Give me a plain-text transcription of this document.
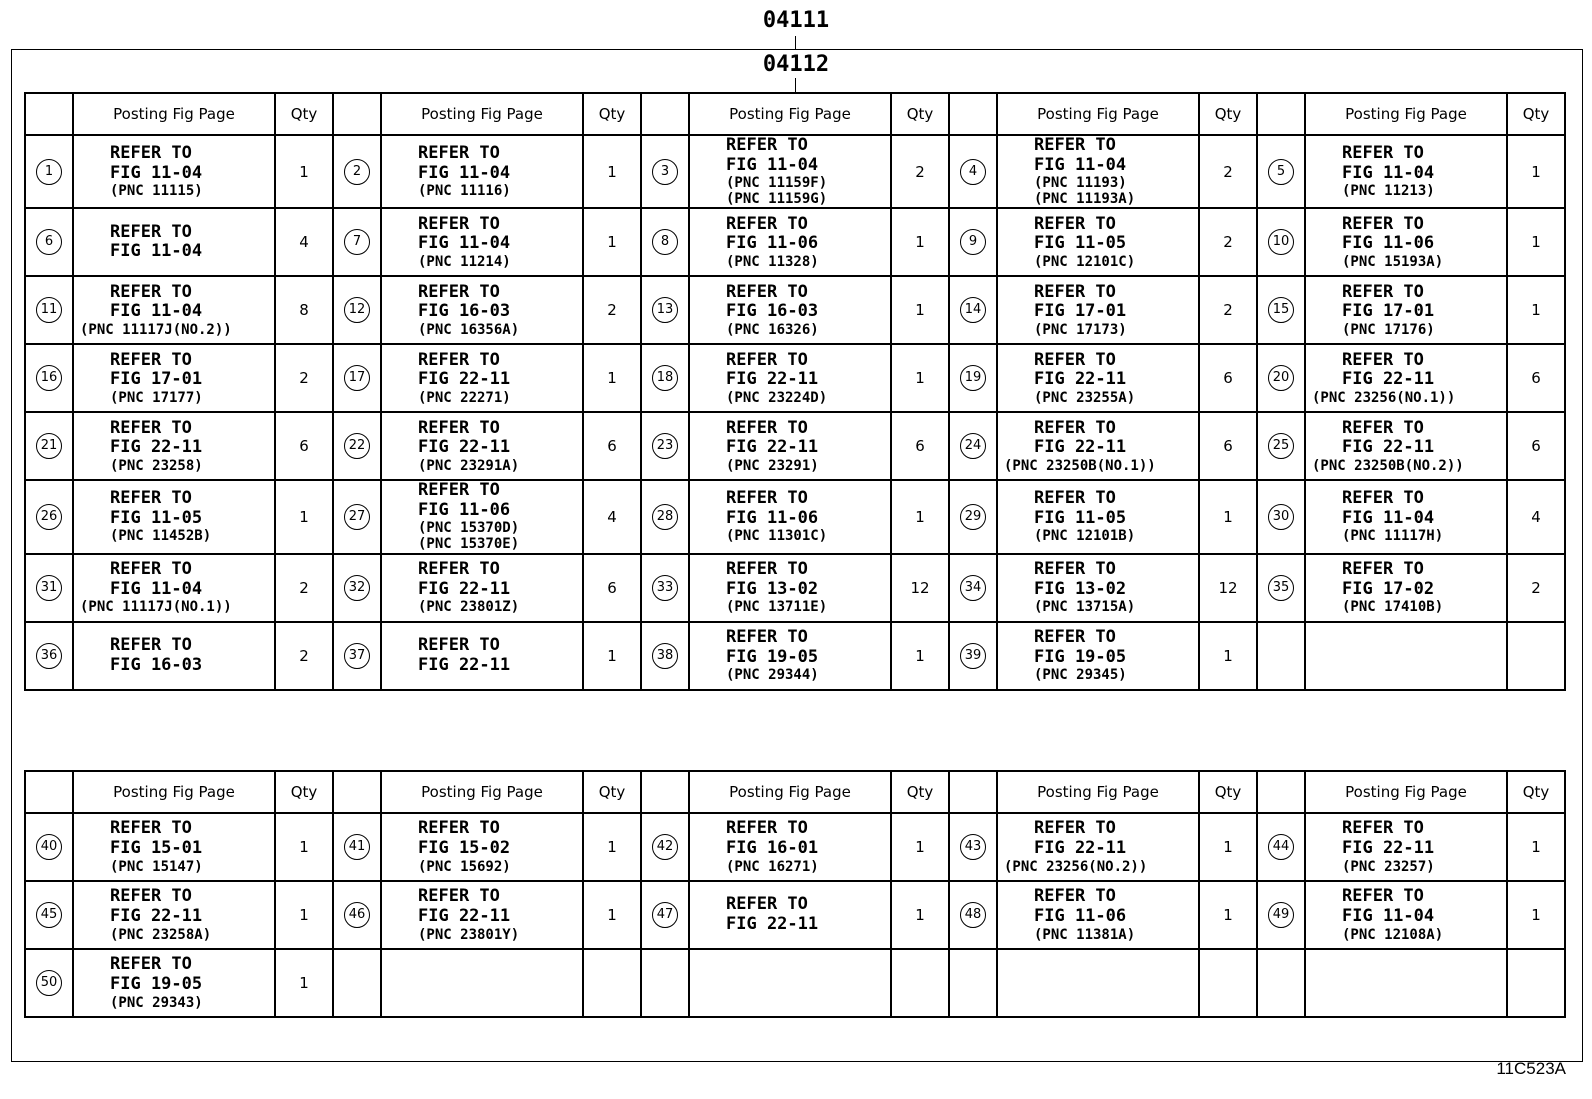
04111
04112
	Posting Fig Page	Qty		Posting Fig Page	Qty		Posting Fig Page	Qty		Posting Fig Page	Qty		Posting Fig Page	Qty
1	REFER TO
FIG 11-04
(PNC 11115)	1	2	REFER TO
FIG 11-04
(PNC 11116)	1	3	REFER TO
FIG 11-04
(PNC 11159F)
(PNC 11159G)	2	4	REFER TO
FIG 11-04
(PNC 11193)
(PNC 11193A)	2	5	REFER TO
FIG 11-04
(PNC 11213)	1
6	REFER TO
FIG 11-04	4	7	REFER TO
FIG 11-04
(PNC 11214)	1	8	REFER TO
FIG 11-06
(PNC 11328)	1	9	REFER TO
FIG 11-05
(PNC 12101C)	2	10	REFER TO
FIG 11-06
(PNC 15193A)	1
11	REFER TO
FIG 11-04
(PNC 11117J(NO.2))	8	12	REFER TO
FIG 16-03
(PNC 16356A)	2	13	REFER TO
FIG 16-03
(PNC 16326)	1	14	REFER TO
FIG 17-01
(PNC 17173)	2	15	REFER TO
FIG 17-01
(PNC 17176)	1
16	REFER TO
FIG 17-01
(PNC 17177)	2	17	REFER TO
FIG 22-11
(PNC 22271)	1	18	REFER TO
FIG 22-11
(PNC 23224D)	1	19	REFER TO
FIG 22-11
(PNC 23255A)	6	20	REFER TO
FIG 22-11
(PNC 23256(NO.1))	6
21	REFER TO
FIG 22-11
(PNC 23258)	6	22	REFER TO
FIG 22-11
(PNC 23291A)	6	23	REFER TO
FIG 22-11
(PNC 23291)	6	24	REFER TO
FIG 22-11
(PNC 23250B(NO.1))	6	25	REFER TO
FIG 22-11
(PNC 23250B(NO.2))	6
26	REFER TO
FIG 11-05
(PNC 11452B)	1	27	REFER TO
FIG 11-06
(PNC 15370D)
(PNC 15370E)	4	28	REFER TO
FIG 11-06
(PNC 11301C)	1	29	REFER TO
FIG 11-05
(PNC 12101B)	1	30	REFER TO
FIG 11-04
(PNC 11117H)	4
31	REFER TO
FIG 11-04
(PNC 11117J(NO.1))	2	32	REFER TO
FIG 22-11
(PNC 23801Z)	6	33	REFER TO
FIG 13-02
(PNC 13711E)	12	34	REFER TO
FIG 13-02
(PNC 13715A)	12	35	REFER TO
FIG 17-02
(PNC 17410B)	2
36	REFER TO
FIG 16-03	2	37	REFER TO
FIG 22-11	1	38	REFER TO
FIG 19-05
(PNC 29344)	1	39	REFER TO
FIG 19-05
(PNC 29345)	1			
	Posting Fig Page	Qty		Posting Fig Page	Qty		Posting Fig Page	Qty		Posting Fig Page	Qty		Posting Fig Page	Qty
40	REFER TO
FIG 15-01
(PNC 15147)	1	41	REFER TO
FIG 15-02
(PNC 15692)	1	42	REFER TO
FIG 16-01
(PNC 16271)	1	43	REFER TO
FIG 22-11
(PNC 23256(NO.2))	1	44	REFER TO
FIG 22-11
(PNC 23257)	1
45	REFER TO
FIG 22-11
(PNC 23258A)	1	46	REFER TO
FIG 22-11
(PNC 23801Y)	1	47	REFER TO
FIG 22-11	1	48	REFER TO
FIG 11-06
(PNC 11381A)	1	49	REFER TO
FIG 11-04
(PNC 12108A)	1
50	REFER TO
FIG 19-05
(PNC 29343)	1												
11C523A
